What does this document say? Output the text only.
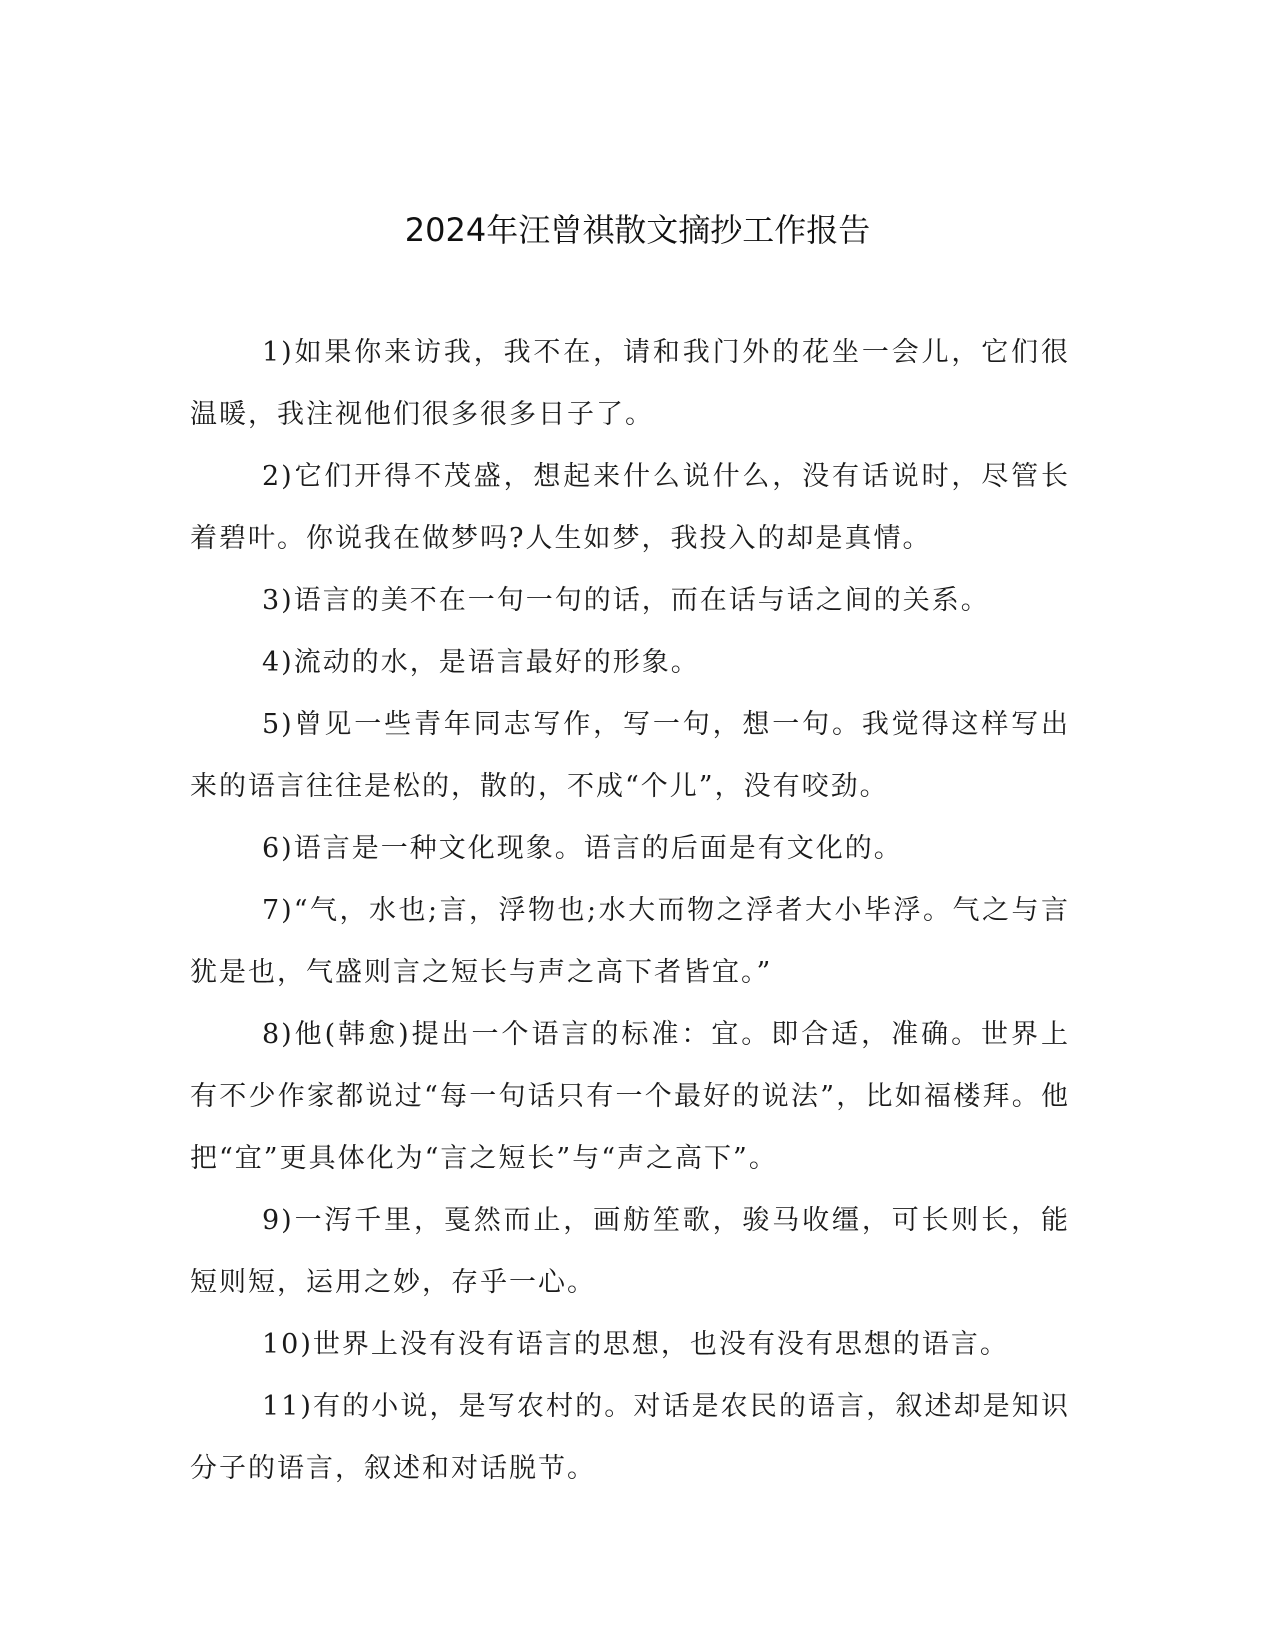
2024年汪曾祺散文摘抄工作报告

1)如果你来访我，我不在，请和我门外的花坐一会儿，它们很温暖，我注视他们很多很多日子了。

2)它们开得不茂盛，想起来什么说什么，没有话说时，尽管长着碧叶。你说我在做梦吗?人生如梦，我投入的却是真情。

3)语言的美不在一句一句的话，而在话与话之间的关系。

4)流动的水，是语言最好的形象。

5)曾见一些青年同志写作，写一句，想一句。我觉得这样写出来的语言往往是松的，散的，不成“个儿”，没有咬劲。

6)语言是一种文化现象。语言的后面是有文化的。

7)“气，水也;言，浮物也;水大而物之浮者大小毕浮。气之与言犹是也，气盛则言之短长与声之高下者皆宜。”

8)他(韩愈)提出一个语言的标准：宜。即合适，准确。世界上有不少作家都说过“每一句话只有一个最好的说法”，比如福楼拜。他把“宜”更具体化为“言之短长”与“声之高下”。

9)一泻千里，戛然而止，画舫笙歌，骏马收缰，可长则长，能短则短，运用之妙，存乎一心。

10)世界上没有没有语言的思想，也没有没有思想的语言。

11)有的小说，是写农村的。对话是农民的语言，叙述却是知识分子的语言，叙述和对话脱节。
